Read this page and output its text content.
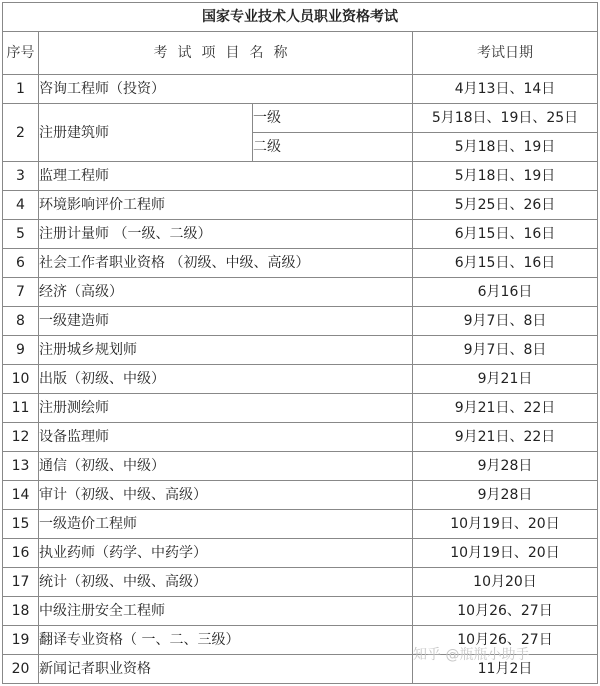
国家专业技术人员职业资格考试			
序号	考试项目名称		考试日期
1	咨询工程师（投资）		4月13日、14日
2	注册建筑师	一级	5月18日、19日、25日
		二级	5月18日、19日
3	监理工程师		5月18日、19日
4	环境影响评价工程师		5月25日、26日
5	注册计量师 （一级、二级）		6月15日、16日
6	社会工作者职业资格 （初级、中级、高级）		6月15日、16日
7	经济（高级）		6月16日
8	一级建造师		9月7日、8日
9	注册城乡规划师		9月7日、8日
10	出版（初级、中级）		9月21日
11	注册测绘师		9月21日、22日
12	设备监理师		9月21日、22日
13	通信（初级、中级）		9月28日
14	审计（初级、中级、高级）		9月28日
15	一级造价工程师		10月19日、20日
16	执业药师（药学、中药学）		10月19日、20日
17	统计（初级、中级、高级）		10月20日
18	中级注册安全工程师		10月26、27日
19	翻译专业资格（ 一、二、三级）		10月26、27日
20	新闻记者职业资格		11月2日
知乎 @瓶瓶小助手
